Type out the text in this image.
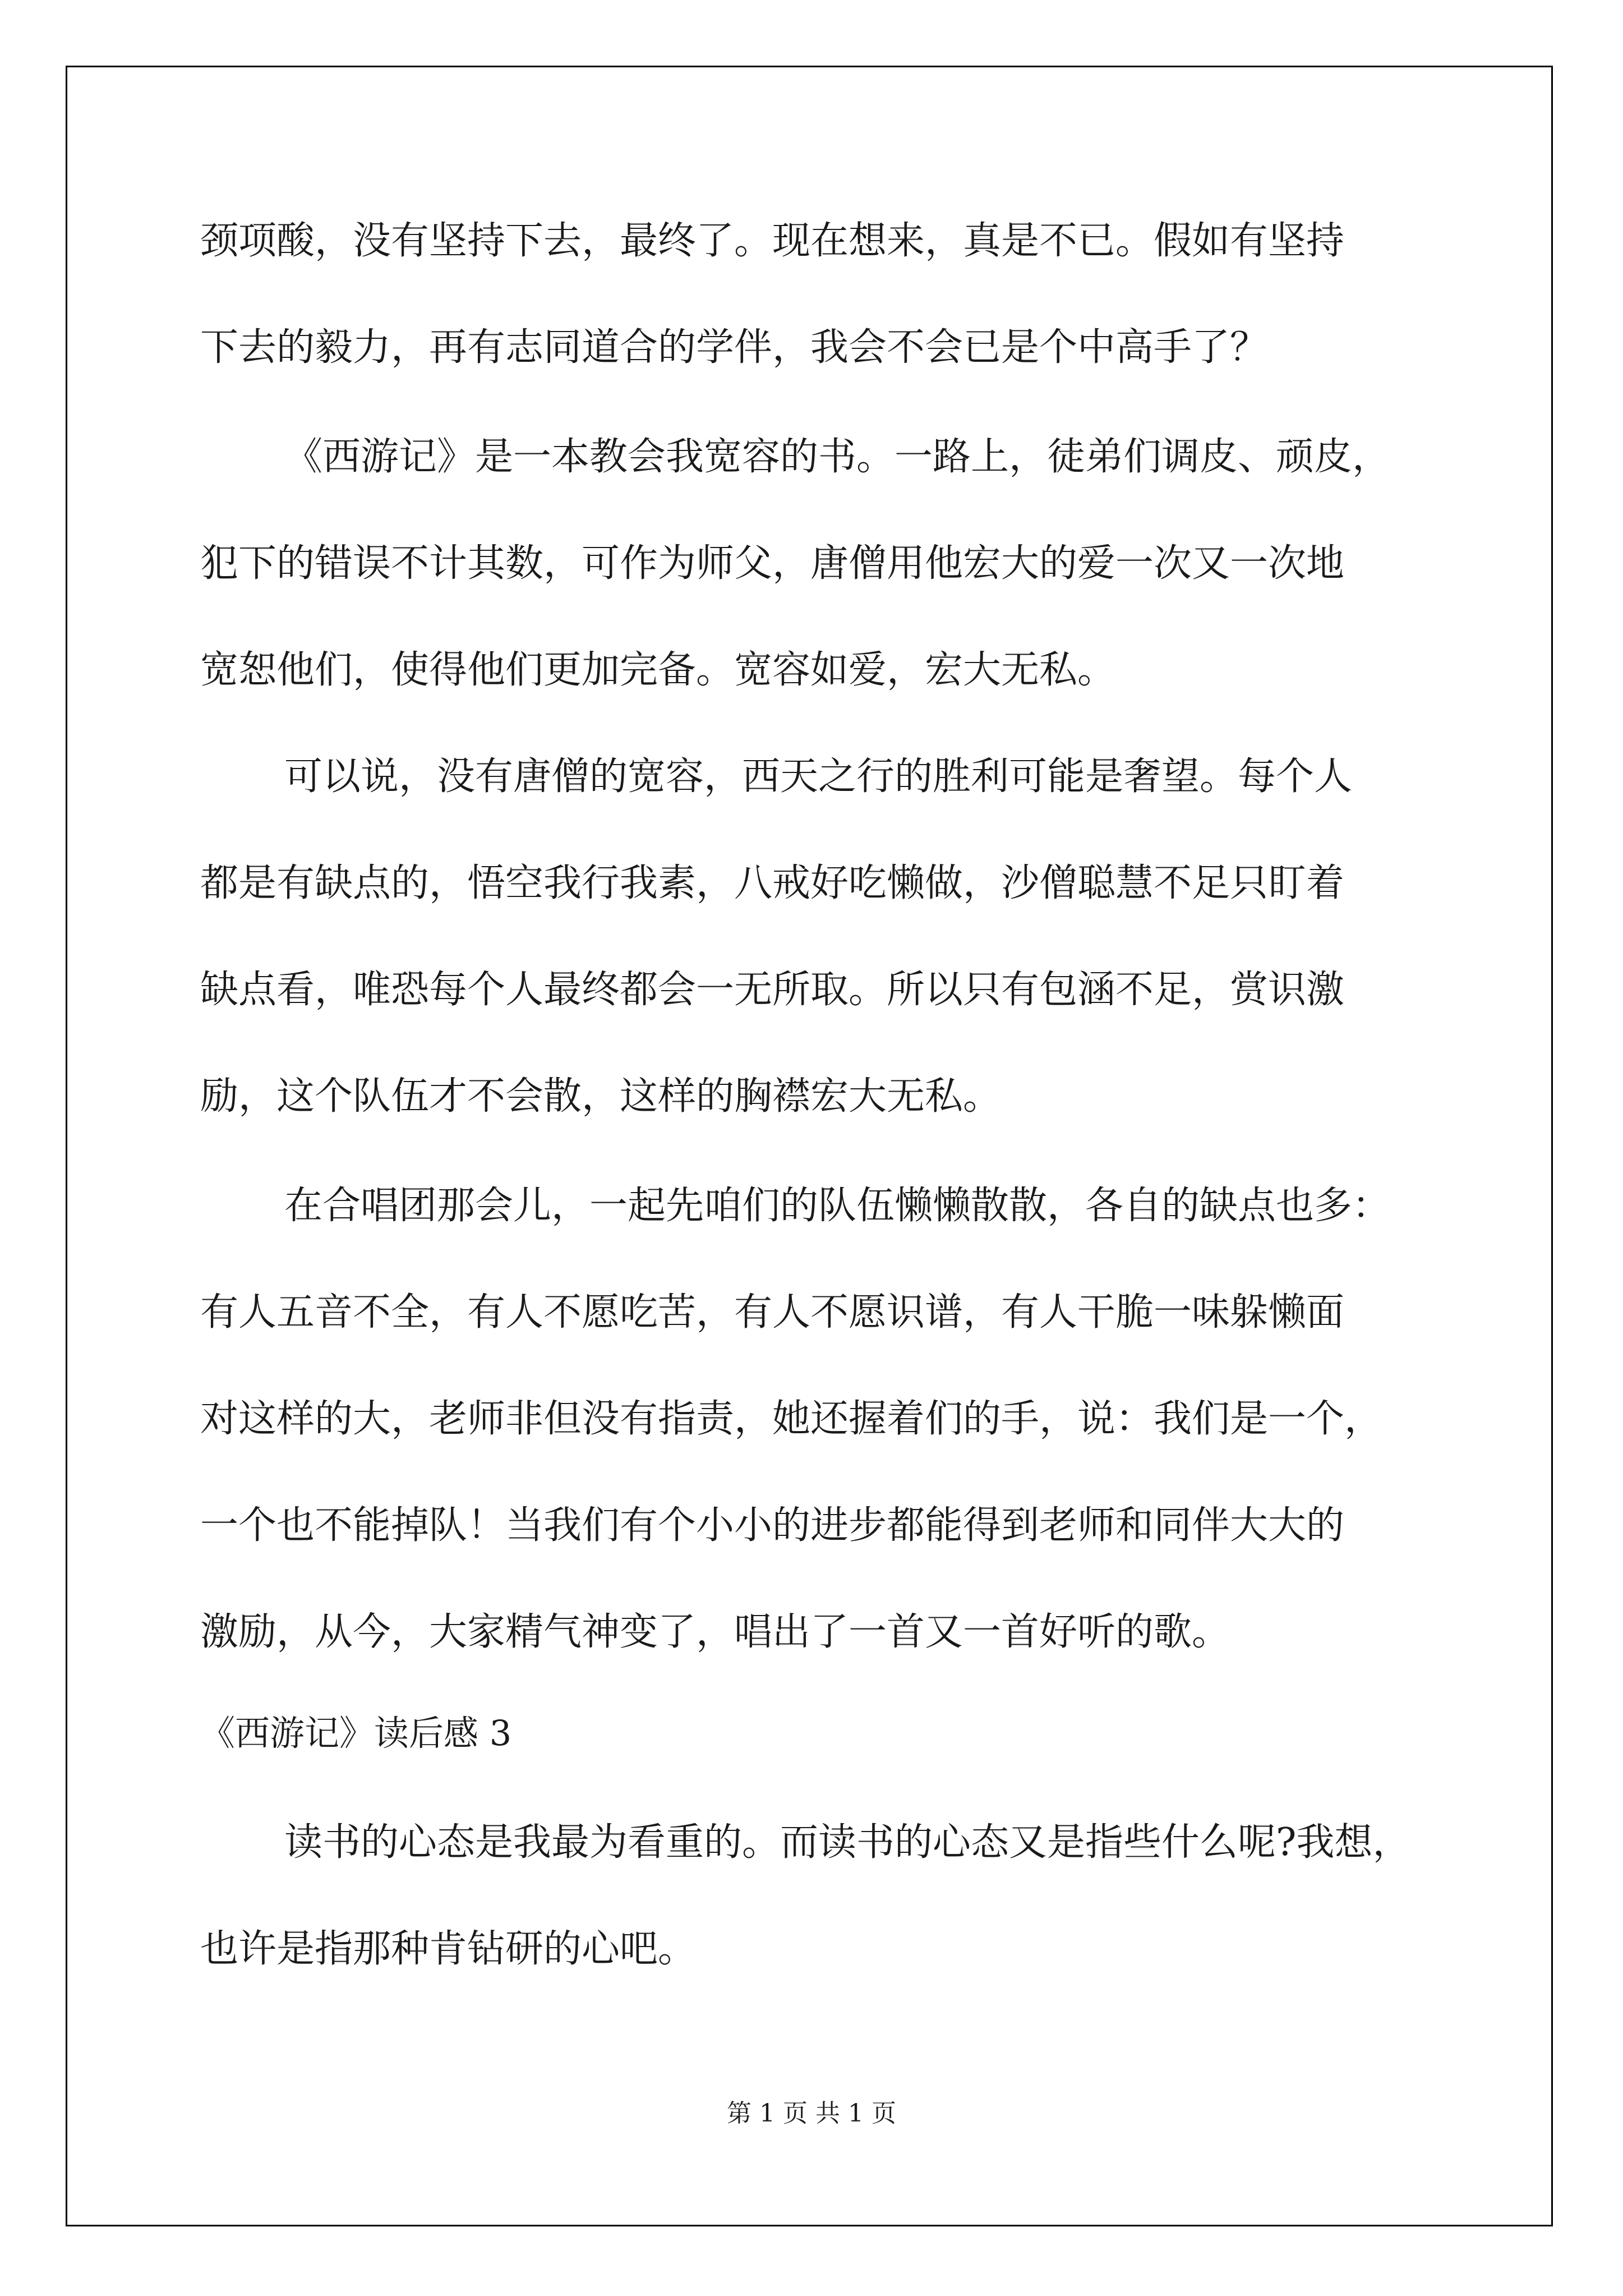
颈项酸，没有坚持下去，最终了。现在想来，真是不已。假如有坚持
下去的毅力，再有志同道合的学伴，我会不会已是个中高手了？
《西游记》是一本教会我宽容的书。一路上，徒弟们调皮、顽皮，
犯下的错误不计其数，可作为师父，唐僧用他宏大的爱一次又一次地
宽恕他们，使得他们更加完备。宽容如爱，宏大无私。
可以说，没有唐僧的宽容，西天之行的胜利可能是奢望。每个人
都是有缺点的，悟空我行我素，八戒好吃懒做，沙僧聪慧不足只盯着
缺点看，唯恐每个人最终都会一无所取。所以只有包涵不足，赏识激
励，这个队伍才不会散，这样的胸襟宏大无私。
在合唱团那会儿，一起先咱们的队伍懒懒散散，各自的缺点也多：
有人五音不全，有人不愿吃苦，有人不愿识谱，有人干脆一味躲懒面
对这样的大，老师非但没有指责，她还握着们的手，说：我们是一个，
一个也不能掉队！当我们有个小小的进步都能得到老师和同伴大大的
激励，从今，大家精气神变了，唱出了一首又一首好听的歌。
《西游记》读后感 3
读书的心态是我最为看重的。而读书的心态又是指些什么呢?我想，
也许是指那种肯钻研的心吧。
第 1 页 共 1 页
